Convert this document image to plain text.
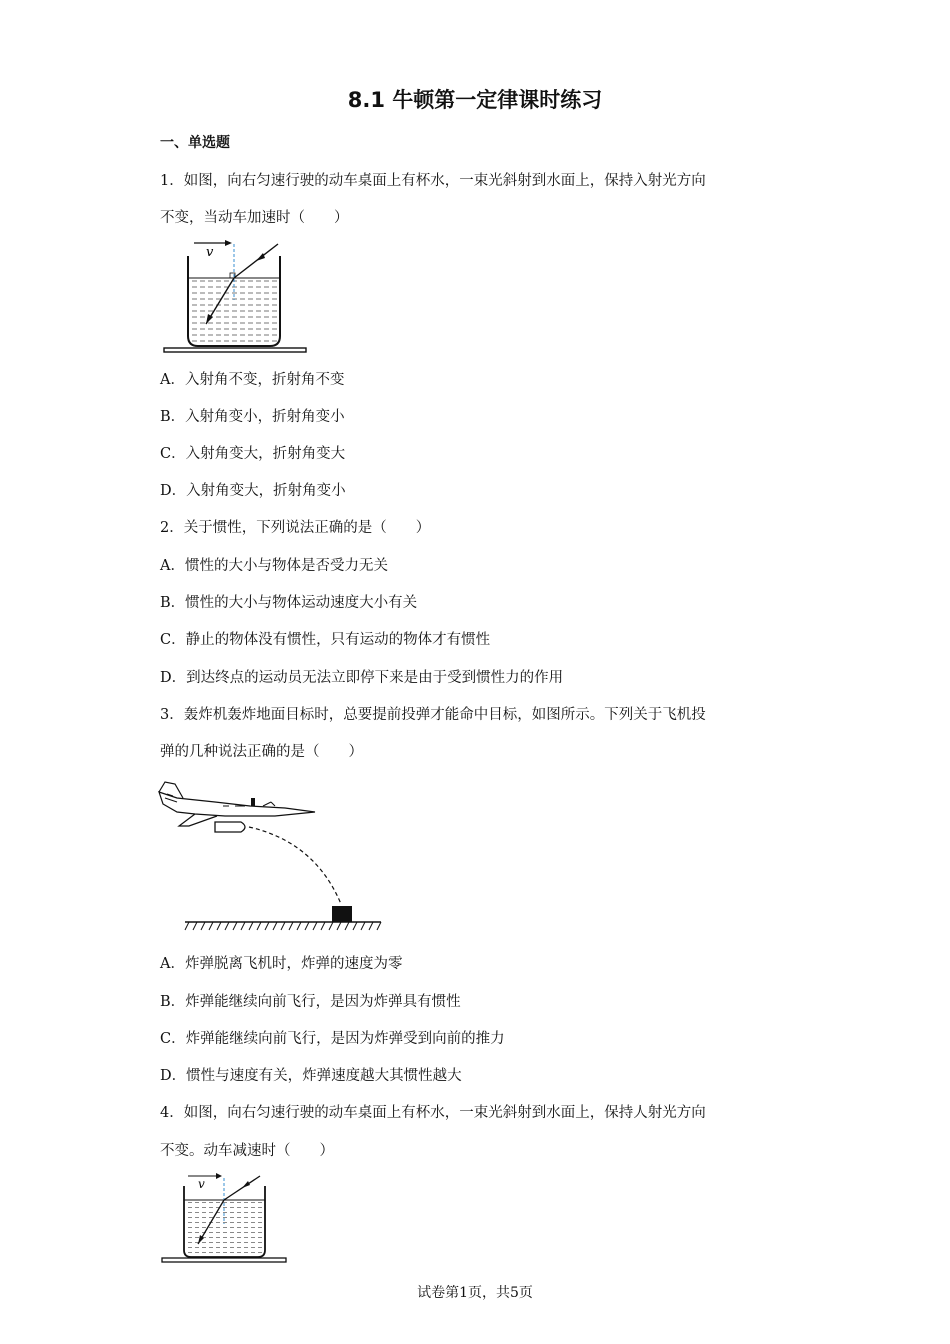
8.1 牛顿第一定律课时练习
一、单选题
1．如图，向右匀速行驶的动车桌面上有杯水，一束光斜射到水面上，保持入射光方向
不变，当动车加速时（　　）
v
A．入射角不变，折射角不变
B．入射角变小，折射角变小
C．入射角变大，折射角变大
D．入射角变大，折射角变小
2．关于惯性，下列说法正确的是（　　）
A．惯性的大小与物体是否受力无关
B．惯性的大小与物体运动速度大小有关
C．静止的物体没有惯性，只有运动的物体才有惯性
D．到达终点的运动员无法立即停下来是由于受到惯性力的作用
3．轰炸机轰炸地面目标时，总要提前投弹才能命中目标，如图所示。下列关于飞机投
弹的几种说法正确的是（　　）
A．炸弹脱离飞机时，炸弹的速度为零
B．炸弹能继续向前飞行，是因为炸弹具有惯性
C．炸弹能继续向前飞行，是因为炸弹受到向前的推力
D．惯性与速度有关，炸弹速度越大其惯性越大
4．如图，向右匀速行驶的动车桌面上有杯水，一束光斜射到水面上，保持人射光方向
不变。动车减速时（　　）
v
试卷第1页，共5页
